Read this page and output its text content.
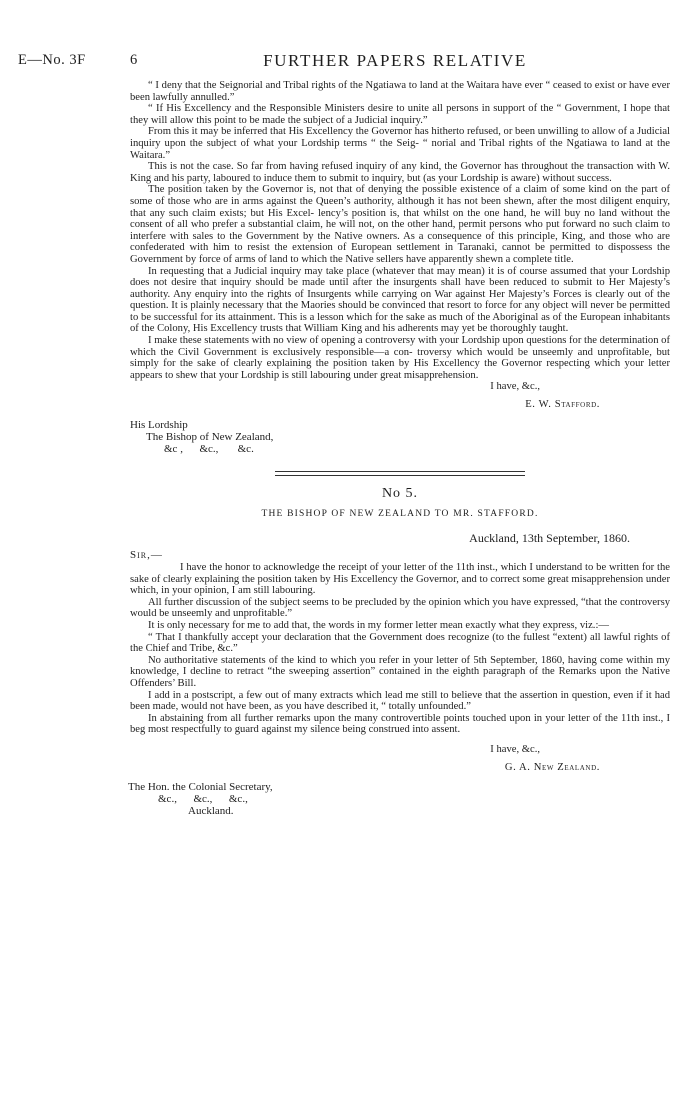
E—No. 3F	6	FURTHER PAPERS RELATIVE

“ I deny that the Seignorial and Tribal rights of the Ngatiawa to land at the Waitara have ever “ ceased to exist or have ever been lawfully annulled.”

“ If His Excellency and the Responsible Ministers desire to unite all persons in support of the “ Government, I hope that they will allow this point to be made the subject of a Judicial inquiry.”

From this it may be inferred that His Excellency the Governor has hitherto refused, or been unwilling to allow of a Judicial inquiry upon the subject of what your Lordship terms “ the Seig- “ norial and Tribal rights of the Ngatiawa to land at the Waitara.”

This is not the case. So far from having refused inquiry of any kind, the Governor has throughout the transaction with W. King and his party, laboured to induce them to submit to inquiry, but (as your Lordship is aware) without success.

The position taken by the Governor is, not that of denying the possible existence of a claim of some kind on the part of some of those who are in arms against the Queen’s authority, although it has not been shewn, after the most diligent enquiry, that any such claim exists; but His Excel- lency’s position is, that whilst on the one hand, he will buy no land without the consent of all who prefer a substantial claim, he will not, on the other hand, permit persons who put forward no such claim to interfere with sales to the Government by the Native owners. As a consequence of this principle, King, and those who are confederated with him to resist the extension of European settlement in Taranaki, cannot be permitted to dispossess the Government by force of arms of land to which the Native sellers have apparently shewn a complete title.

In requesting that a Judicial inquiry may take place (whatever that may mean) it is of course assumed that your Lordship does not desire that inquiry should be made until after the insurgents shall have been reduced to submit to Her Majesty’s authority. Any enquiry into the rights of Insurgents while carrying on War against Her Majesty’s Forces is clearly out of the question. It is plainly necessary that the Maories should be convinced that resort to force for any object will never be permitted to be successful for its attainment. This is a lesson which for the sake as much of the Aboriginal as of the European inhabitants of the Colony, His Excellency trusts that William King and his adherents may yet be thoroughly taught.

I make these statements with no view of opening a controversy with your Lordship upon questions for the determination of which the Civil Government is exclusively responsible—a con- troversy which would be unseemly and unprofitable, but simply for the sake of clearly explaining the position taken by His Excellency the Governor respecting which your letter appears to shew that your Lordship is still labouring under great misapprehension.

I have, &c.,
E. W. Stafford.
His Lordship
The Bishop of New Zealand,
&c ,      &c.,       &c.
No 5.
THE BISHOP OF NEW ZEALAND TO MR. STAFFORD.
Auckland, 13th September, 1860.
Sir,—

I have the honor to acknowledge the receipt of your letter of the 11th inst., which I understand to be written for the sake of clearly explaining the position taken by His Excellency the Governor, and to correct some great misapprehension under which, in your opinion, I am still labouring.

All further discussion of the subject seems to be precluded by the opinion which you have expressed, “that the controversy would be unseemly and unprofitable.”

It is only necessary for me to add that, the words in my former letter mean exactly what they express, viz.:—

“ That I thankfully accept your declaration that the Government does recognize (to the fullest “extent) all lawful rights of the Chief and Tribe, &c.”

No authoritative statements of the kind to which you refer in your letter of 5th September, 1860, having come within my knowledge, I decline to retract “the sweeping assertion” contained in the eighth paragraph of the Remarks upon the Native Offenders’ Bill.

I add in a postscript, a few out of many extracts which lead me still to believe that the assertion in question, even if it had been made, would not have been, as you have described it, “ totally unfounded.”

In abstaining from all further remarks upon the many controvertible points touched upon in your letter of the 11th inst., I beg most respectfully to guard against my silence being construed into assent.

I have, &c.,
G. A. New Zealand.
The Hon. the Colonial Secretary,
&c.,      &c.,      &c.,
Auckland.
